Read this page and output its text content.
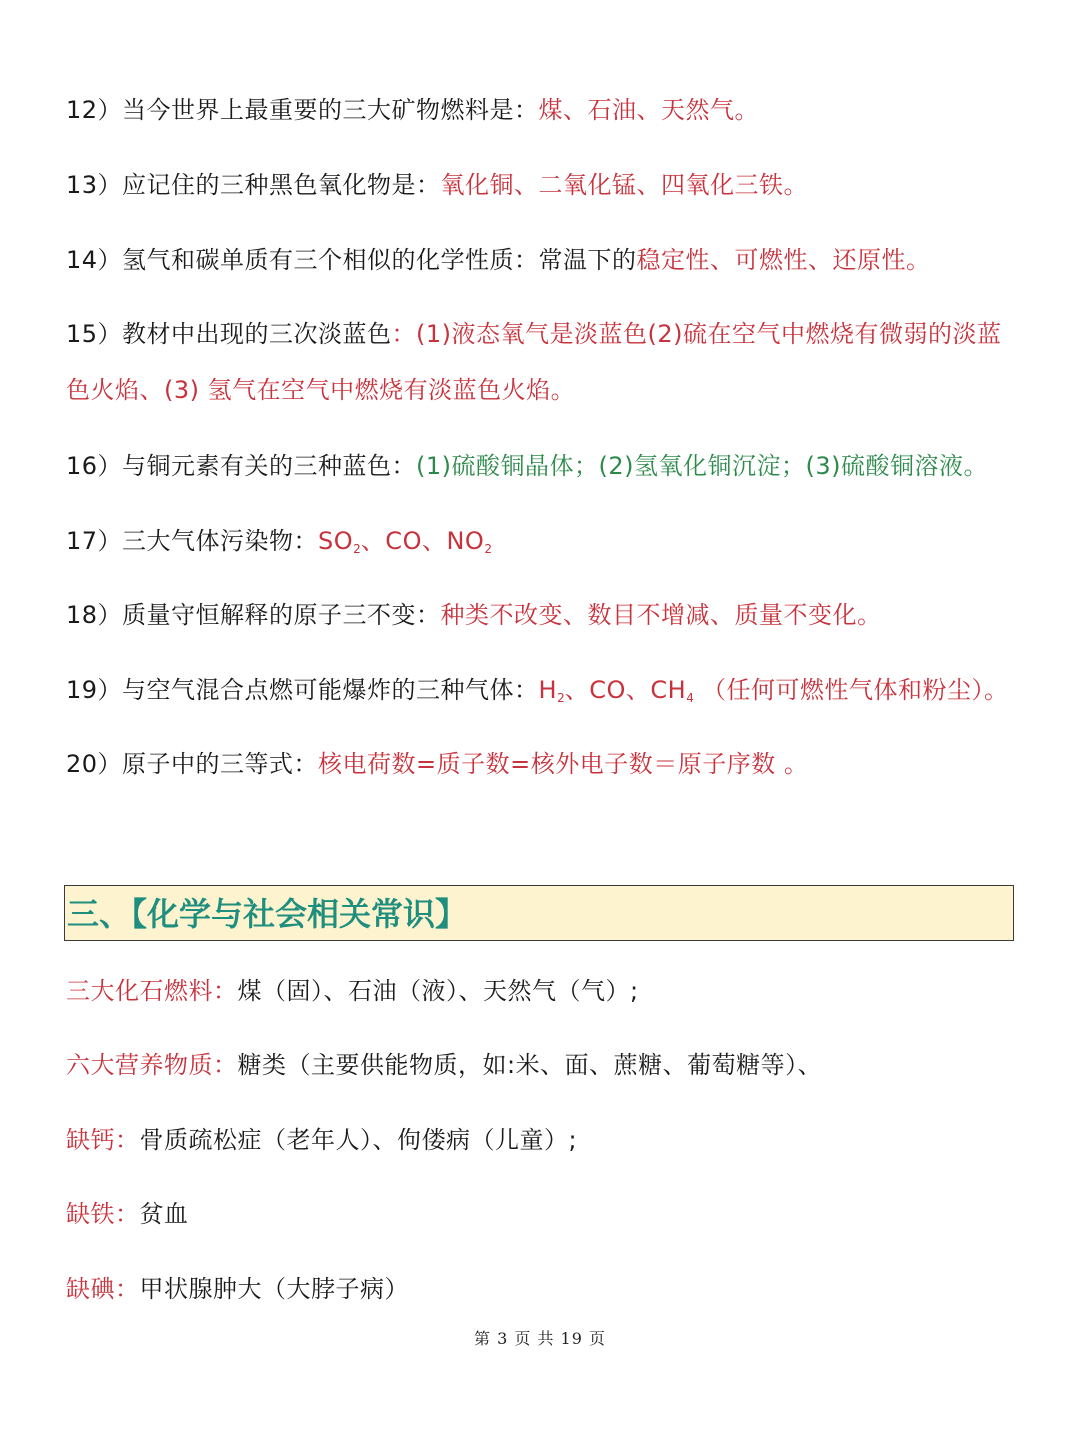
12）当今世界上最重要的三大矿物燃料是：煤、石油、天然气。
13）应记住的三种黑色氧化物是：氧化铜、二氧化锰、四氧化三铁。
14）氢气和碳单质有三个相似的化学性质：常温下的稳定性、可燃性、还原性。
15）教材中出现的三次淡蓝色：(1)液态氧气是淡蓝色(2)硫在空气中燃烧有微弱的淡蓝色火焰、(3) 氢气在空气中燃烧有淡蓝色火焰。
16）与铜元素有关的三种蓝色：(1)硫酸铜晶体；(2)氢氧化铜沉淀；(3)硫酸铜溶液。
17）三大气体污染物：$SO_2$、CO、$NO_2$
18）质量守恒解释的原子三不变：种类不改变、数目不增减、质量不变化。
19）与空气混合点燃可能爆炸的三种气体：$H_2$、CO、$CH_4$ （任何可燃性气体和粉尘）。
20）原子中的三等式：核电荷数=质子数=核外电子数＝原子序数 。
三、【化学与社会相关常识】
三大化石燃料：煤（固）、石油（液）、天然气（气）;
六大营养物质：糖类（主要供能物质，如:米、面、蔗糖、葡萄糖等）、
缺钙：骨质疏松症（老年人）、佝偻病（儿童）;
缺铁：贫血
缺碘：甲状腺肿大（大脖子病）
第 3 页 共 19 页
